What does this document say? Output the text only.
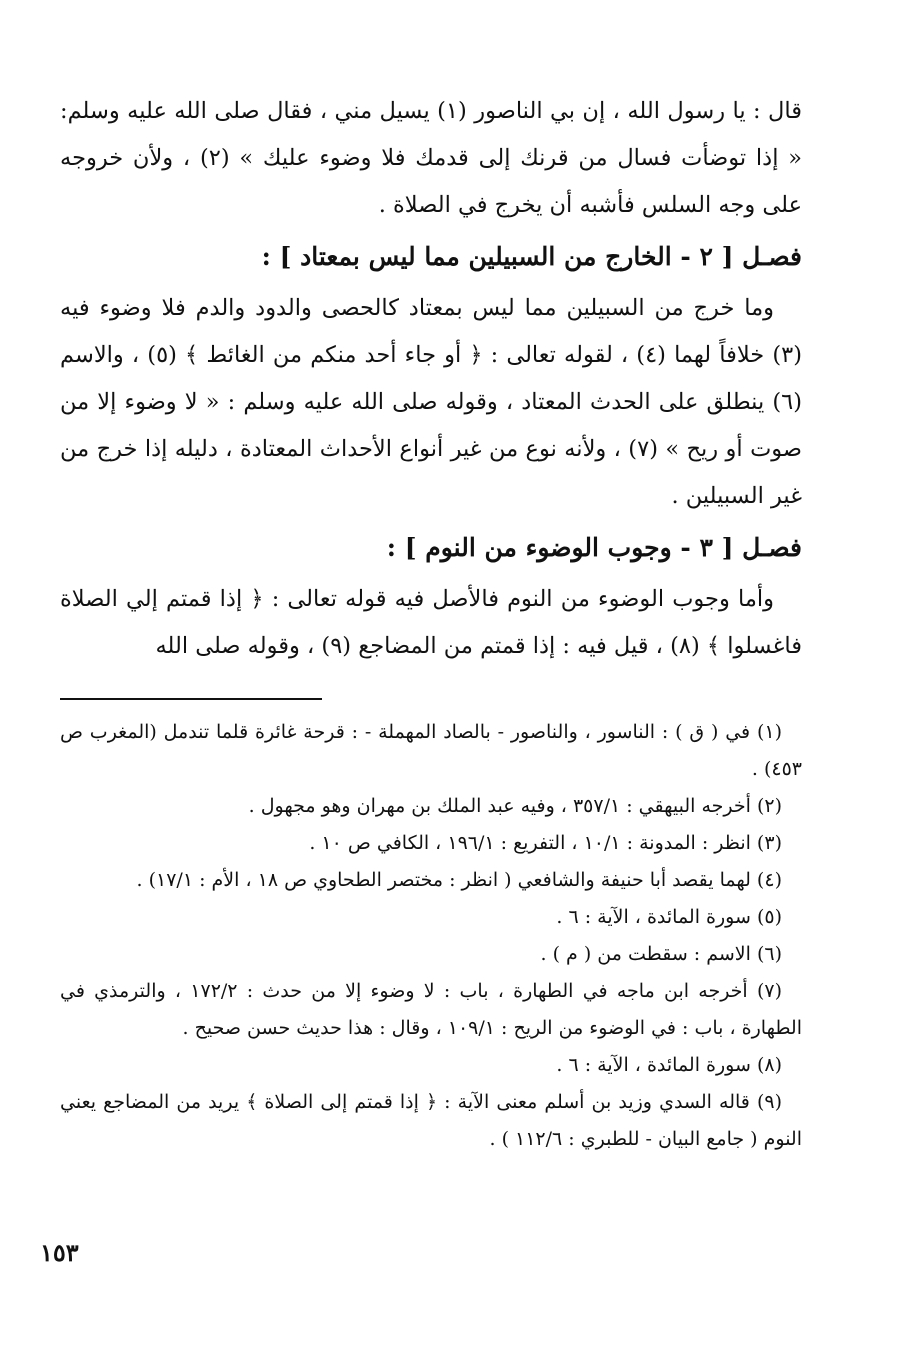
قال : يا رسول الله ، إن بي الناصور (١) يسيل مني ، فقال صلى الله عليه وسلم: « إذا توضأت فسال من قرنك إلى قدمك فلا وضوء عليك » (٢) ، ولأن خروجه على وجه السلس فأشبه أن يخرج في الصلاة .

فصـل [ ٢ - الخارج من السبيلين مما ليس بمعتاد ] :

وما خرج من السبيلين مما ليس بمعتاد كالحصى والدود والدم فلا وضوء فيه (٣) خلافاً لهما (٤) ، لقوله تعالى : ﴿ أو جاء أحد منكم من الغائط ﴾ (٥) ، والاسم (٦) ينطلق على الحدث المعتاد ، وقوله صلى الله عليه وسلم : « لا وضوء إلا من صوت أو ريح » (٧) ، ولأنه نوع من غير أنواع الأحداث المعتادة ، دليله إذا خرج من غير السبيلين .

فصـل [ ٣ - وجوب الوضوء من النوم ] :

وأما وجوب الوضوء من النوم فالأصل فيه قوله تعالى : ﴿ إذا قمتم إلي الصلاة فاغسلوا ﴾ (٨) ، قيل فيه : إذا قمتم من المضاجع (٩) ، وقوله صلى الله

(١) في ( ق ) : الناسور ، والناصور - بالصاد المهملة - : قرحة غائرة قلما تندمل (المغرب ص ٤٥٣) .
(٢) أخرجه البيهقي : ٣٥٧/١ ، وفيه عبد الملك بن مهران وهو مجهول .
(٣) انظر : المدونة : ١٠/١ ، التفريع : ١٩٦/١ ، الكافي ص ١٠ .
(٤) لهما يقصد أبا حنيفة والشافعي ( انظر : مختصر الطحاوي ص ١٨ ، الأم : ١٧/١) .
(٥) سورة المائدة ، الآية : ٦ .
(٦) الاسم : سقطت من ( م ) .
(٧) أخرجه ابن ماجه في الطهارة ، باب : لا وضوء إلا من حدث : ١٧٢/٢ ، والترمذي في الطهارة ، باب : في الوضوء من الريح : ١٠٩/١ ، وقال : هذا حديث حسن صحيح .
(٨) سورة المائدة ، الآية : ٦ .
(٩) قاله السدي وزيد بن أسلم معنى الآية : ﴿ إذا قمتم إلى الصلاة ﴾ يريد من المضاجع يعني النوم ( جامع البيان - للطبري : ١١٢/٦ ) .
١٥٣
